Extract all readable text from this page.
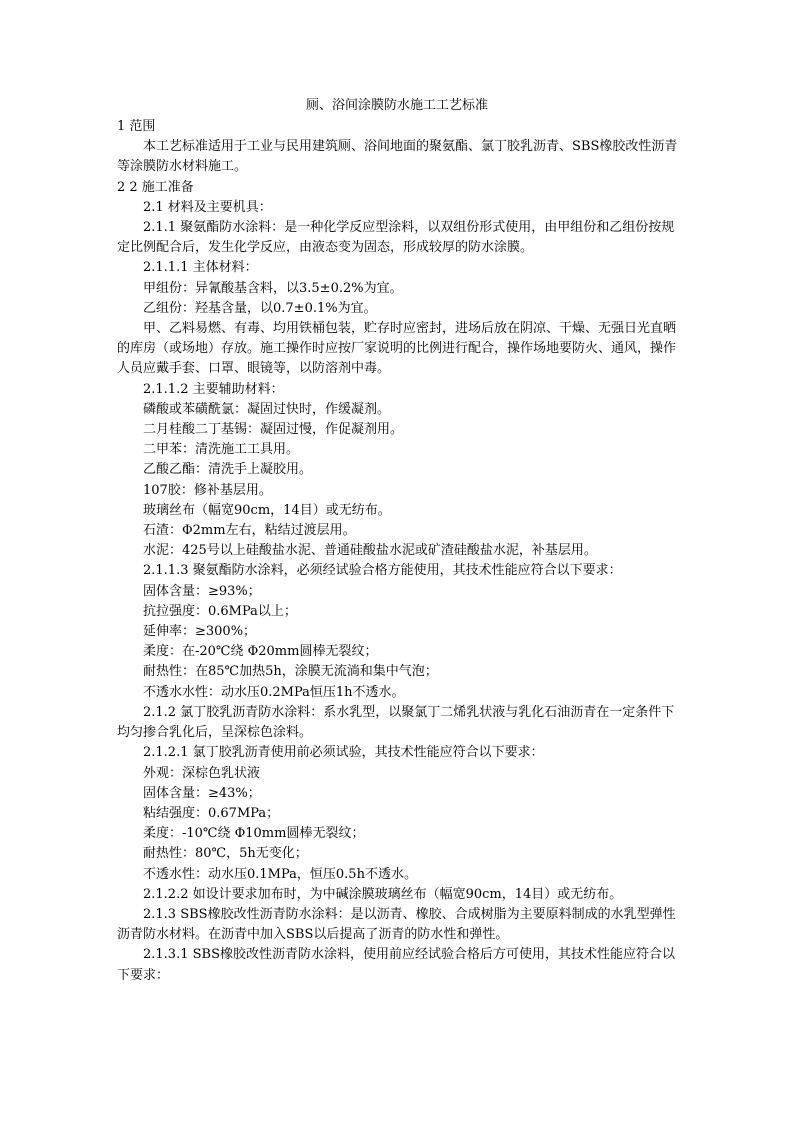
厕、浴间涂膜防水施工工艺标准

1 范围

本工艺标准适用于工业与民用建筑厕、浴间地面的聚氨酯、氯丁胶乳沥青、SBS橡胶改性沥青等涂膜防水材料施工。

2 2 施工准备

2.1 材料及主要机具：

2.1.1 聚氨酯防水涂料：是一种化学反应型涂料，以双组份形式使用，由甲组份和乙组份按规定比例配合后，发生化学反应，由液态变为固态，形成较厚的防水涂膜。

2.1.1.1 主体材料：

甲组份：异氰酸基含料，以3.5±0.2%为宜。

乙组份：羟基含量，以0.7±0.1%为宜。

甲、乙料易燃、有毒、均用铁桶包装，贮存时应密封，进场后放在阴凉、干燥、无强日光直晒的库房（或场地）存放。施工操作时应按厂家说明的比例进行配合，操作场地要防火、通风，操作人员应戴手套、口罩、眼镜等，以防溶剂中毒。

2.1.1.2 主要辅助材料：

磷酸或苯磺酰氯：凝固过快时，作缓凝剂。

二月桂酸二丁基锡：凝固过慢，作促凝剂用。

二甲苯：清洗施工工具用。

乙酸乙酯：清洗手上凝胶用。

107胶：修补基层用。

玻璃丝布（幅宽90cm，14目）或无纺布。

石渣：Φ2mm左右，粘结过渡层用。

水泥：425号以上硅酸盐水泥、普通硅酸盐水泥或矿渣硅酸盐水泥，补基层用。

2.1.1.3 聚氨酯防水涂料，必须经试验合格方能使用，其技术性能应符合以下要求：

固体含量：≥93%；

抗拉强度：0.6MPa以上；

延伸率：≥300%；

柔度：在-20℃绕 Φ20mm圆棒无裂纹；

耐热性：在85℃加热5h，涂膜无流淌和集中气泡；

不透水水性：动水压0.2MPa恒压1h不透水。

2.1.2 氯丁胶乳沥青防水涂料：系水乳型，以聚氯丁二烯乳状液与乳化石油沥青在一定条件下均匀掺合乳化后，呈深棕色涂料。

2.1.2.1 氯丁胶乳沥青使用前必须试验，其技术性能应符合以下要求：

外观：深棕色乳状液

固体含量：≥43%；

粘结强度：0.67MPa；

柔度：-10℃绕 Φ10mm圆棒无裂纹；

耐热性：80℃，5h无变化；

不透水性：动水压0.1MPa，恒压0.5h不透水。

2.1.2.2 如设计要求加布时，为中碱涂膜玻璃丝布（幅宽90cm，14目）或无纺布。

2.1.3 SBS橡胶改性沥青防水涂料：是以沥青、橡胶、合成树脂为主要原料制成的水乳型弹性沥青防水材料。在沥青中加入SBS以后提高了沥青的防水性和弹性。

2.1.3.1 SBS橡胶改性沥青防水涂料，使用前应经试验合格后方可使用，其技术性能应符合以下要求：
